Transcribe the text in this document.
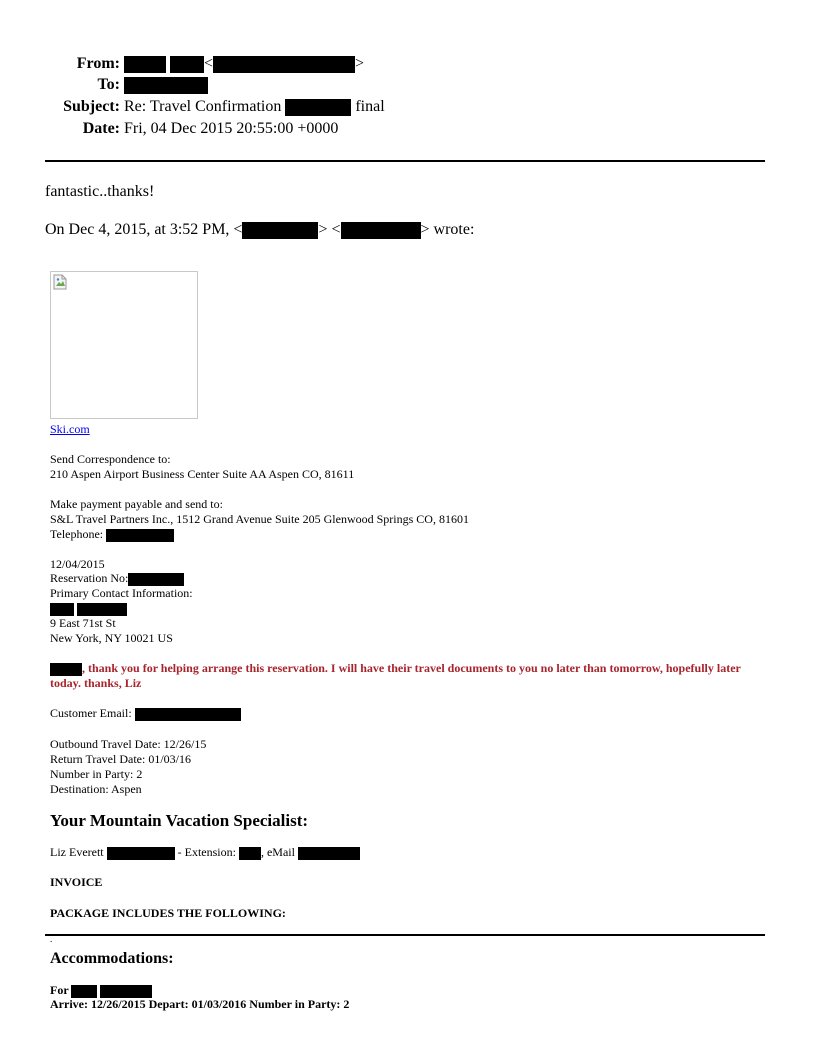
From:	<	>
To:
Subject: Re: Travel Confirmation	final
Date: Fri, 04 Dec 2015 20:55:00 +0000
fantastic..thanks!
On Dec 4, 2015, at 3:52 PM, <	> <	> wrote:
Ski.com
Send Correspondence to:
210 Aspen Airport Business Center Suite AA Aspen CO, 81611
Make payment payable and send to:
S&L Travel Partners Inc., 1512 Grand Avenue Suite 205 Glenwood Springs CO, 81601
Telephone:
12/04/2015
Reservation No:
Primary Contact Information:

9 East 71st St
New York, NY 10021 US
, thank you for helping arrange this reservation. I will have their travel documents to you no later than tomorrow, hopefully later
today. thanks, Liz
Customer Email:
Outbound Travel Date: 12/26/15
Return Travel Date: 01/03/16
Number in Party: 2
Destination: Aspen
Your Mountain Vacation Specialist:
Liz Everett	- Extension: , eMail
INVOICE
PACKAGE INCLUDES THE FOLLOWING:
.
Accommodations:
For
Arrive: 12/26/2015 Depart: 01/03/2016 Number in Party: 2
